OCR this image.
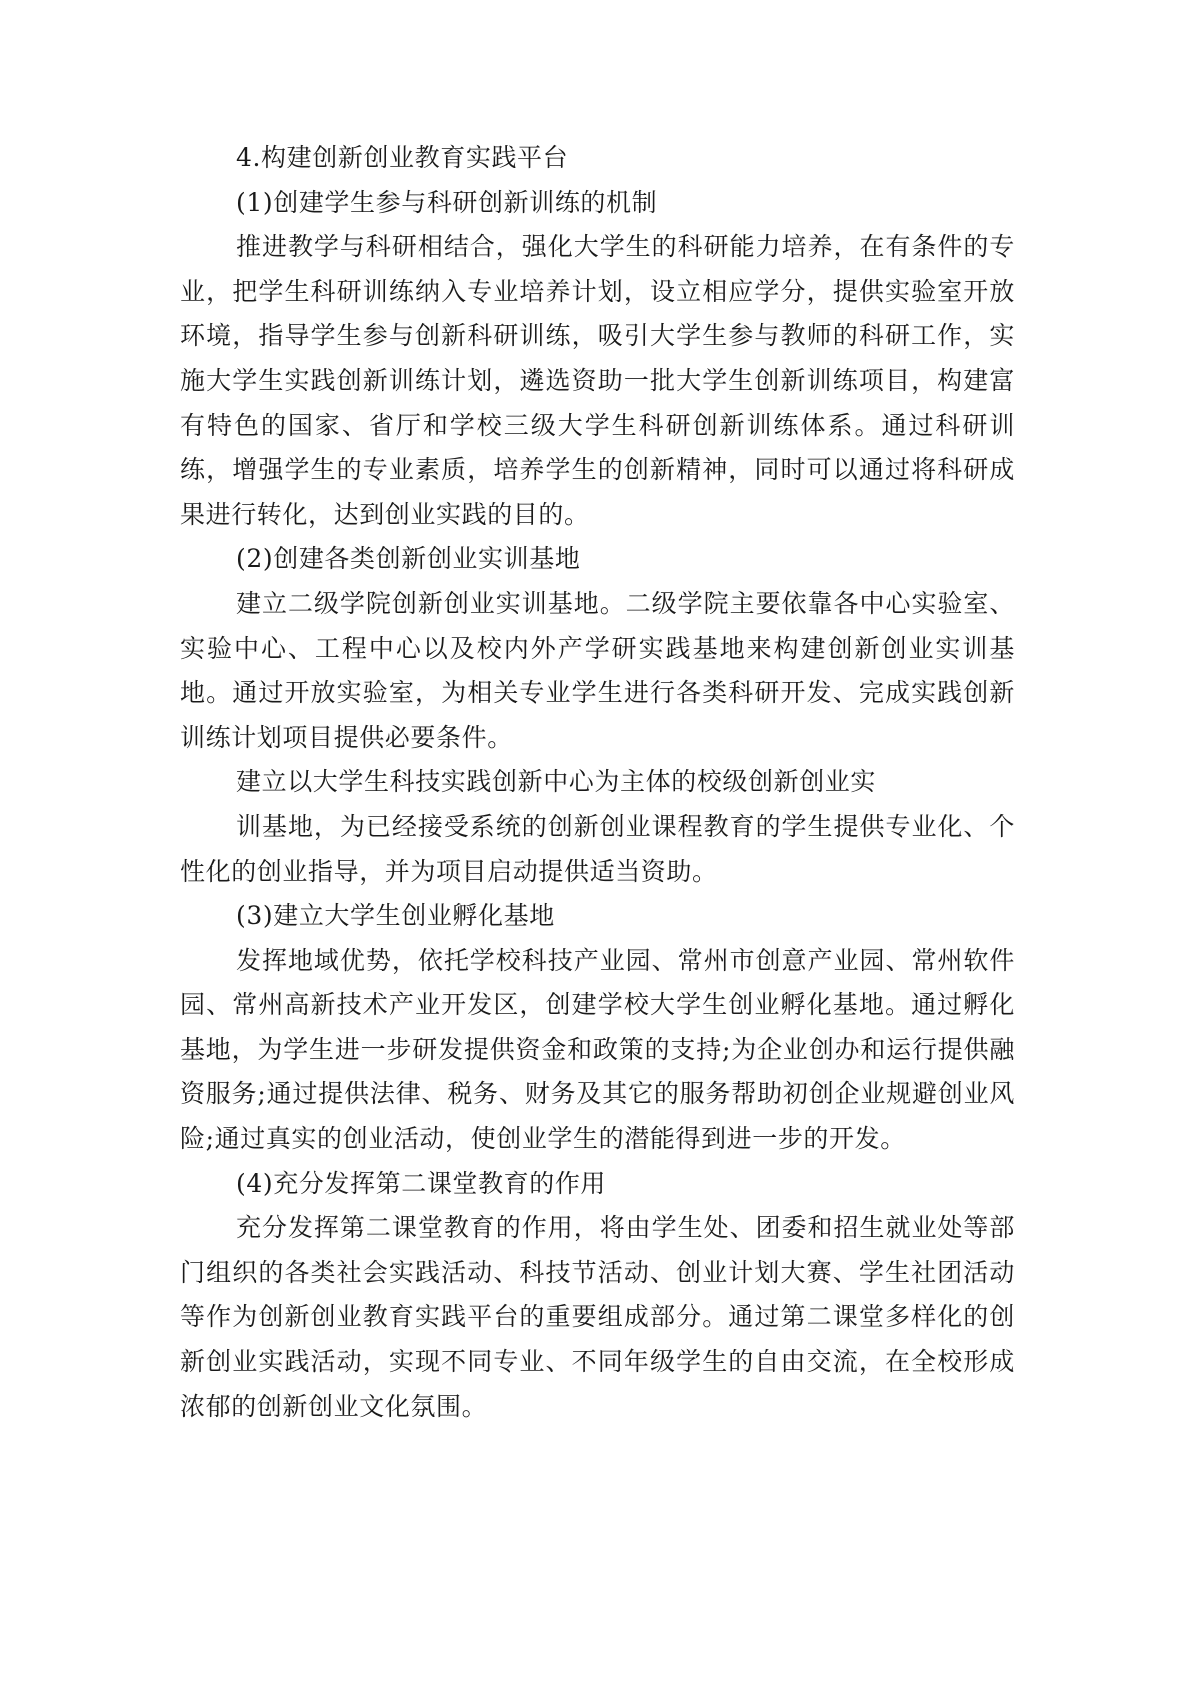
4.构建创新创业教育实践平台

(1)创建学生参与科研创新训练的机制

推进教学与科研相结合，强化大学生的科研能力培养，在有条件的专业，把学生科研训练纳入专业培养计划，设立相应学分，提供实验室开放环境，指导学生参与创新科研训练，吸引大学生参与教师的科研工作，实施大学生实践创新训练计划，遴选资助一批大学生创新训练项目，构建富有特色的国家、省厅和学校三级大学生科研创新训练体系。通过科研训练，增强学生的专业素质，培养学生的创新精神，同时可以通过将科研成果进行转化，达到创业实践的目的。

(2)创建各类创新创业实训基地

建立二级学院创新创业实训基地。二级学院主要依靠各中心实验室、实验中心、工程中心以及校内外产学研实践基地来构建创新创业实训基地。通过开放实验室，为相关专业学生进行各类科研开发、完成实践创新训练计划项目提供必要条件。

建立以大学生科技实践创新中心为主体的校级创新创业实

训基地，为已经接受系统的创新创业课程教育的学生提供专业化、个性化的创业指导，并为项目启动提供适当资助。

(3)建立大学生创业孵化基地

发挥地域优势，依托学校科技产业园、常州市创意产业园、常州软件园、常州高新技术产业开发区，创建学校大学生创业孵化基地。通过孵化基地，为学生进一步研发提供资金和政策的支持;为企业创办和运行提供融资服务;通过提供法律、税务、财务及其它的服务帮助初创企业规避创业风险;通过真实的创业活动，使创业学生的潜能得到进一步的开发。

(4)充分发挥第二课堂教育的作用

充分发挥第二课堂教育的作用，将由学生处、团委和招生就业处等部门组织的各类社会实践活动、科技节活动、创业计划大赛、学生社团活动等作为创新创业教育实践平台的重要组成部分。通过第二课堂多样化的创新创业实践活动，实现不同专业、不同年级学生的自由交流，在全校形成浓郁的创新创业文化氛围。
